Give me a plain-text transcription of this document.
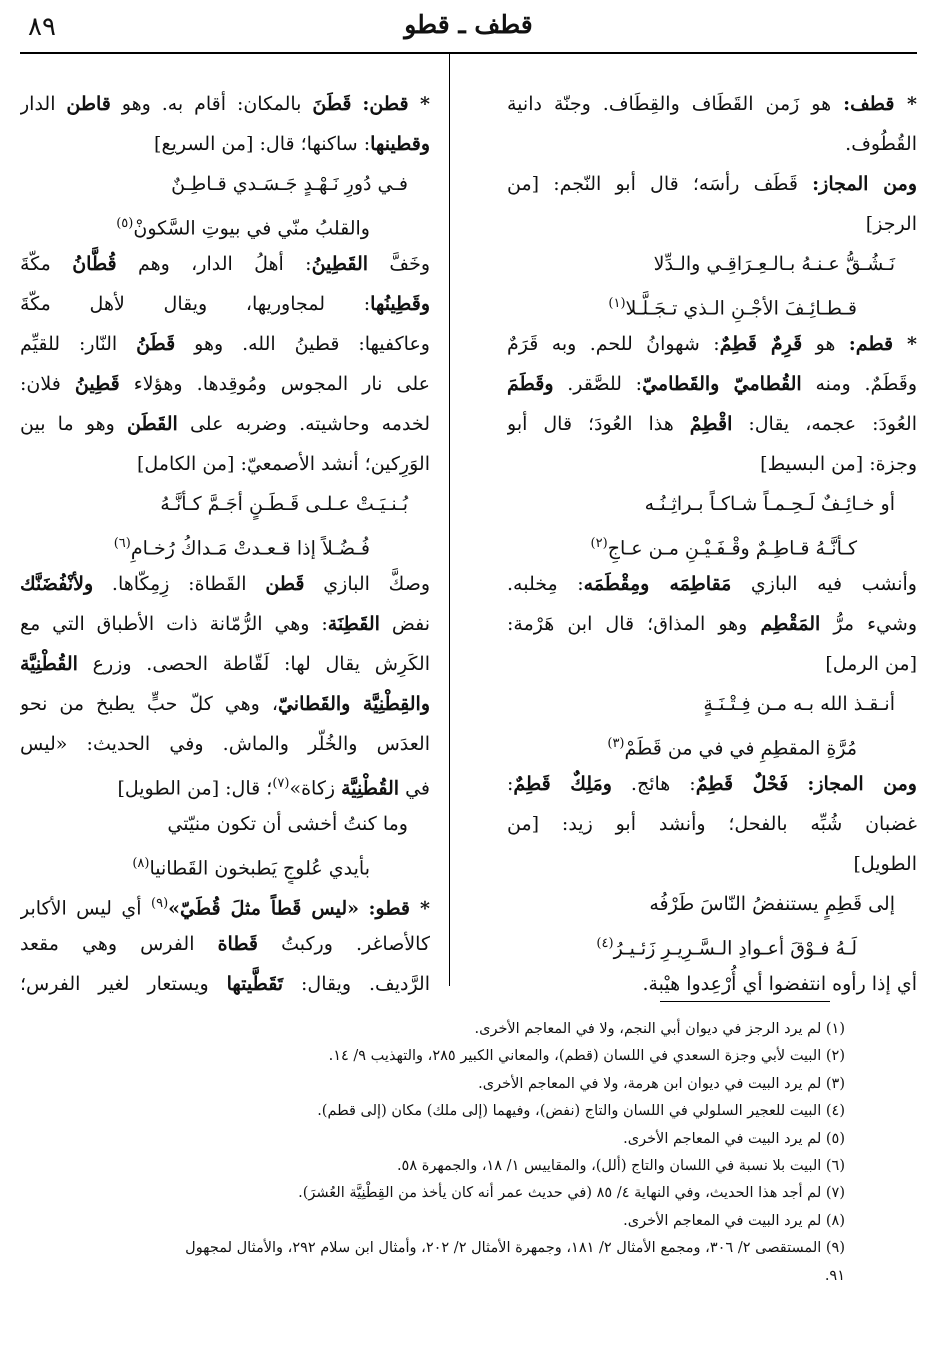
٨٩	قطف ـ قطو
* قطف: هو زَمن القَطَاف والقِطَاف. وجنّة دانية
القُطُوف.
ومن المجاز: قَطَف رأسَه؛ قال أبو النّجم: [من
الرجز]
نَـشُـقُّ عـنـهُ بـالـعِـرَاقِـي والـدِّلا
قـطـائِـفَ الأجْـنِ الـذي تـجَـلَّـلا$^{(١)}$
* قطم: هو قَرِمٌ قَطِمٌ: شهوانُ للحم. وبه قَرَمٌ
وقَطَمٌ. ومنه القُطاميّ والقَطاميّ: للصَّقر. وقَطَمَ
العُودَ: عجمه، يقال: اقْطِمْ هذا العُودَ؛ قال أبو
وجزة: [من البسيط]
أو خـائِـفٌ لَـحِـمـاً شـاكـاً بـراثِـنُـه
كـأنَّـهُ قـاطِـمٌ وقْـفَـيْـنِ مـن عـاجِ$^{(٢)}$
وأنشب فيه البازي مَقاطِمَه ومِقْطَمَه: مِخلبه.
وشيء مرُّ المَقْطِم وهو المذاق؛ قال ابن هَرْمة:
[من الرمل]
أنـقـذ الله بـه مـن فِـتْـنَـةٍ
مُرَّةِ المقطِمِ في في من قَطَمْ$^{(٣)}$
ومن المجاز: فَحْلٌ قَطِمٌ: هائج. ومَلِكٌ قَطِمٌ:
غضبان شُبِّه بالفحل؛ وأنشد أبو زيد: [من
الطويل]
إلى قَطِمٍ يستنفضُ النّاسَ طَرْفُه
لَـهُ فـوْقَ أعـوادِ الـسَّـرِيـرِ زَئـيـرُ$^{(٤)}$
أي إذا رأوه انتفضوا أي أُرْعِدوا هيْبة.
* قطن: قَطَنَ بالمكان: أقام به. وهو قاطن الدار
وقطينها: ساكنها؛ قال: [من السريع]
فـي دُورِ نَـهْـدٍ جَـسَـدي قـاطِـنٌ
والقلبُ منّي في بيوتِ السَّكونْ$^{(٥)}$
وخَفَّ القَطِينُ: أهلُ الدار، وهم قُطَّانُ مكّةَ
وقَطِينُها: لمجاوريها، ويقال لأهل مكّةَ
وعاكفيها: قطينُ الله. وهو قَطَنُ النّار: للقيِّم
على نار المجوس ومُوقِدها. وهؤلاء قَطِينُ فلان:
لخدمه وحاشيته. وضربه على القَطَن وهو ما بين
الوَرِكين؛ أنشد الأصمعيّ: [من الكامل]
بُـنـيَـتْ عـلـى قَـطَـنٍ أجَـمَّ كـأنَّـهُ
فُـضُـلاً إذا قـعـدتْ مَـداكُ رُخـامِ$^{(٦)}$
وصكَّ البازي قَطن القَطاة: زِمِكّاها. ولأنْفُضَنَّك
نفض القَطِنَة: وهي الرُّمّانة ذات الأطباق التي مع
الكَرِش يقال لها: لَقّاطة الحصى. وزرع القُطْنِيَّة
والقِطْنِيَّة والقَطانيّ، وهي كلّ حبٍّ يطبخ من نحو
العدَس والخُلّر والماش. وفي الحديث: «ليس
في القُطْنِيَّة زكاة»$^{(٧)}$؛ قال: [من الطويل]
وما كنتُ أخشى أن تكون منيّتي
بأيدي عُلوجٍ يَطبخون القَطانيا$^{(٨)}$
* قطو: «ليس قَطاً مثلَ قُطَيّ»$^{(٩)}$ أي ليس الأكابر
كالأصاغر. وركبتُ قَطاة الفرس وهي مقعد
الرَّديف. ويقال: تَقَطَّيتها ويستعار لغير الفرس؛
(١) لم يرد الرجز في ديوان أبي النجم، ولا في المعاجم الأخرى.
(٢) البيت لأبي وجزة السعدي في اللسان (قطم)، والمعاني الكبير ٢٨٥، والتهذيب ٩/ ١٤.
(٣) لم يرد البيت في ديوان ابن هرمة، ولا في المعاجم الأخرى.
(٤) البيت للعجير السلولي في اللسان والتاج (نفض)، وفيهما (إلى ملك) مكان (إلى قطم).
(٥) لم يرد البيت في المعاجم الأخرى.
(٦) البيت بلا نسبة في اللسان والتاج (ألل)، والمقاييس ١/ ١٨، والجمهرة ٥٨.
(٧) لم أجد هذا الحديث، وفي النهاية ٤/ ٨٥ (في حديث عمر أنه كان يأخذ من القِطْنِيَّة العُشرَ).
(٨) لم يرد البيت في المعاجم الأخرى.
(٩) المستقصى ٢/ ٣٠٦، ومجمع الأمثال ٢/ ١٨١، وجمهرة الأمثال ٢/ ٢٠٢، وأمثال ابن سلام ٢٩٢، والأمثال لمجهول
٩١.
